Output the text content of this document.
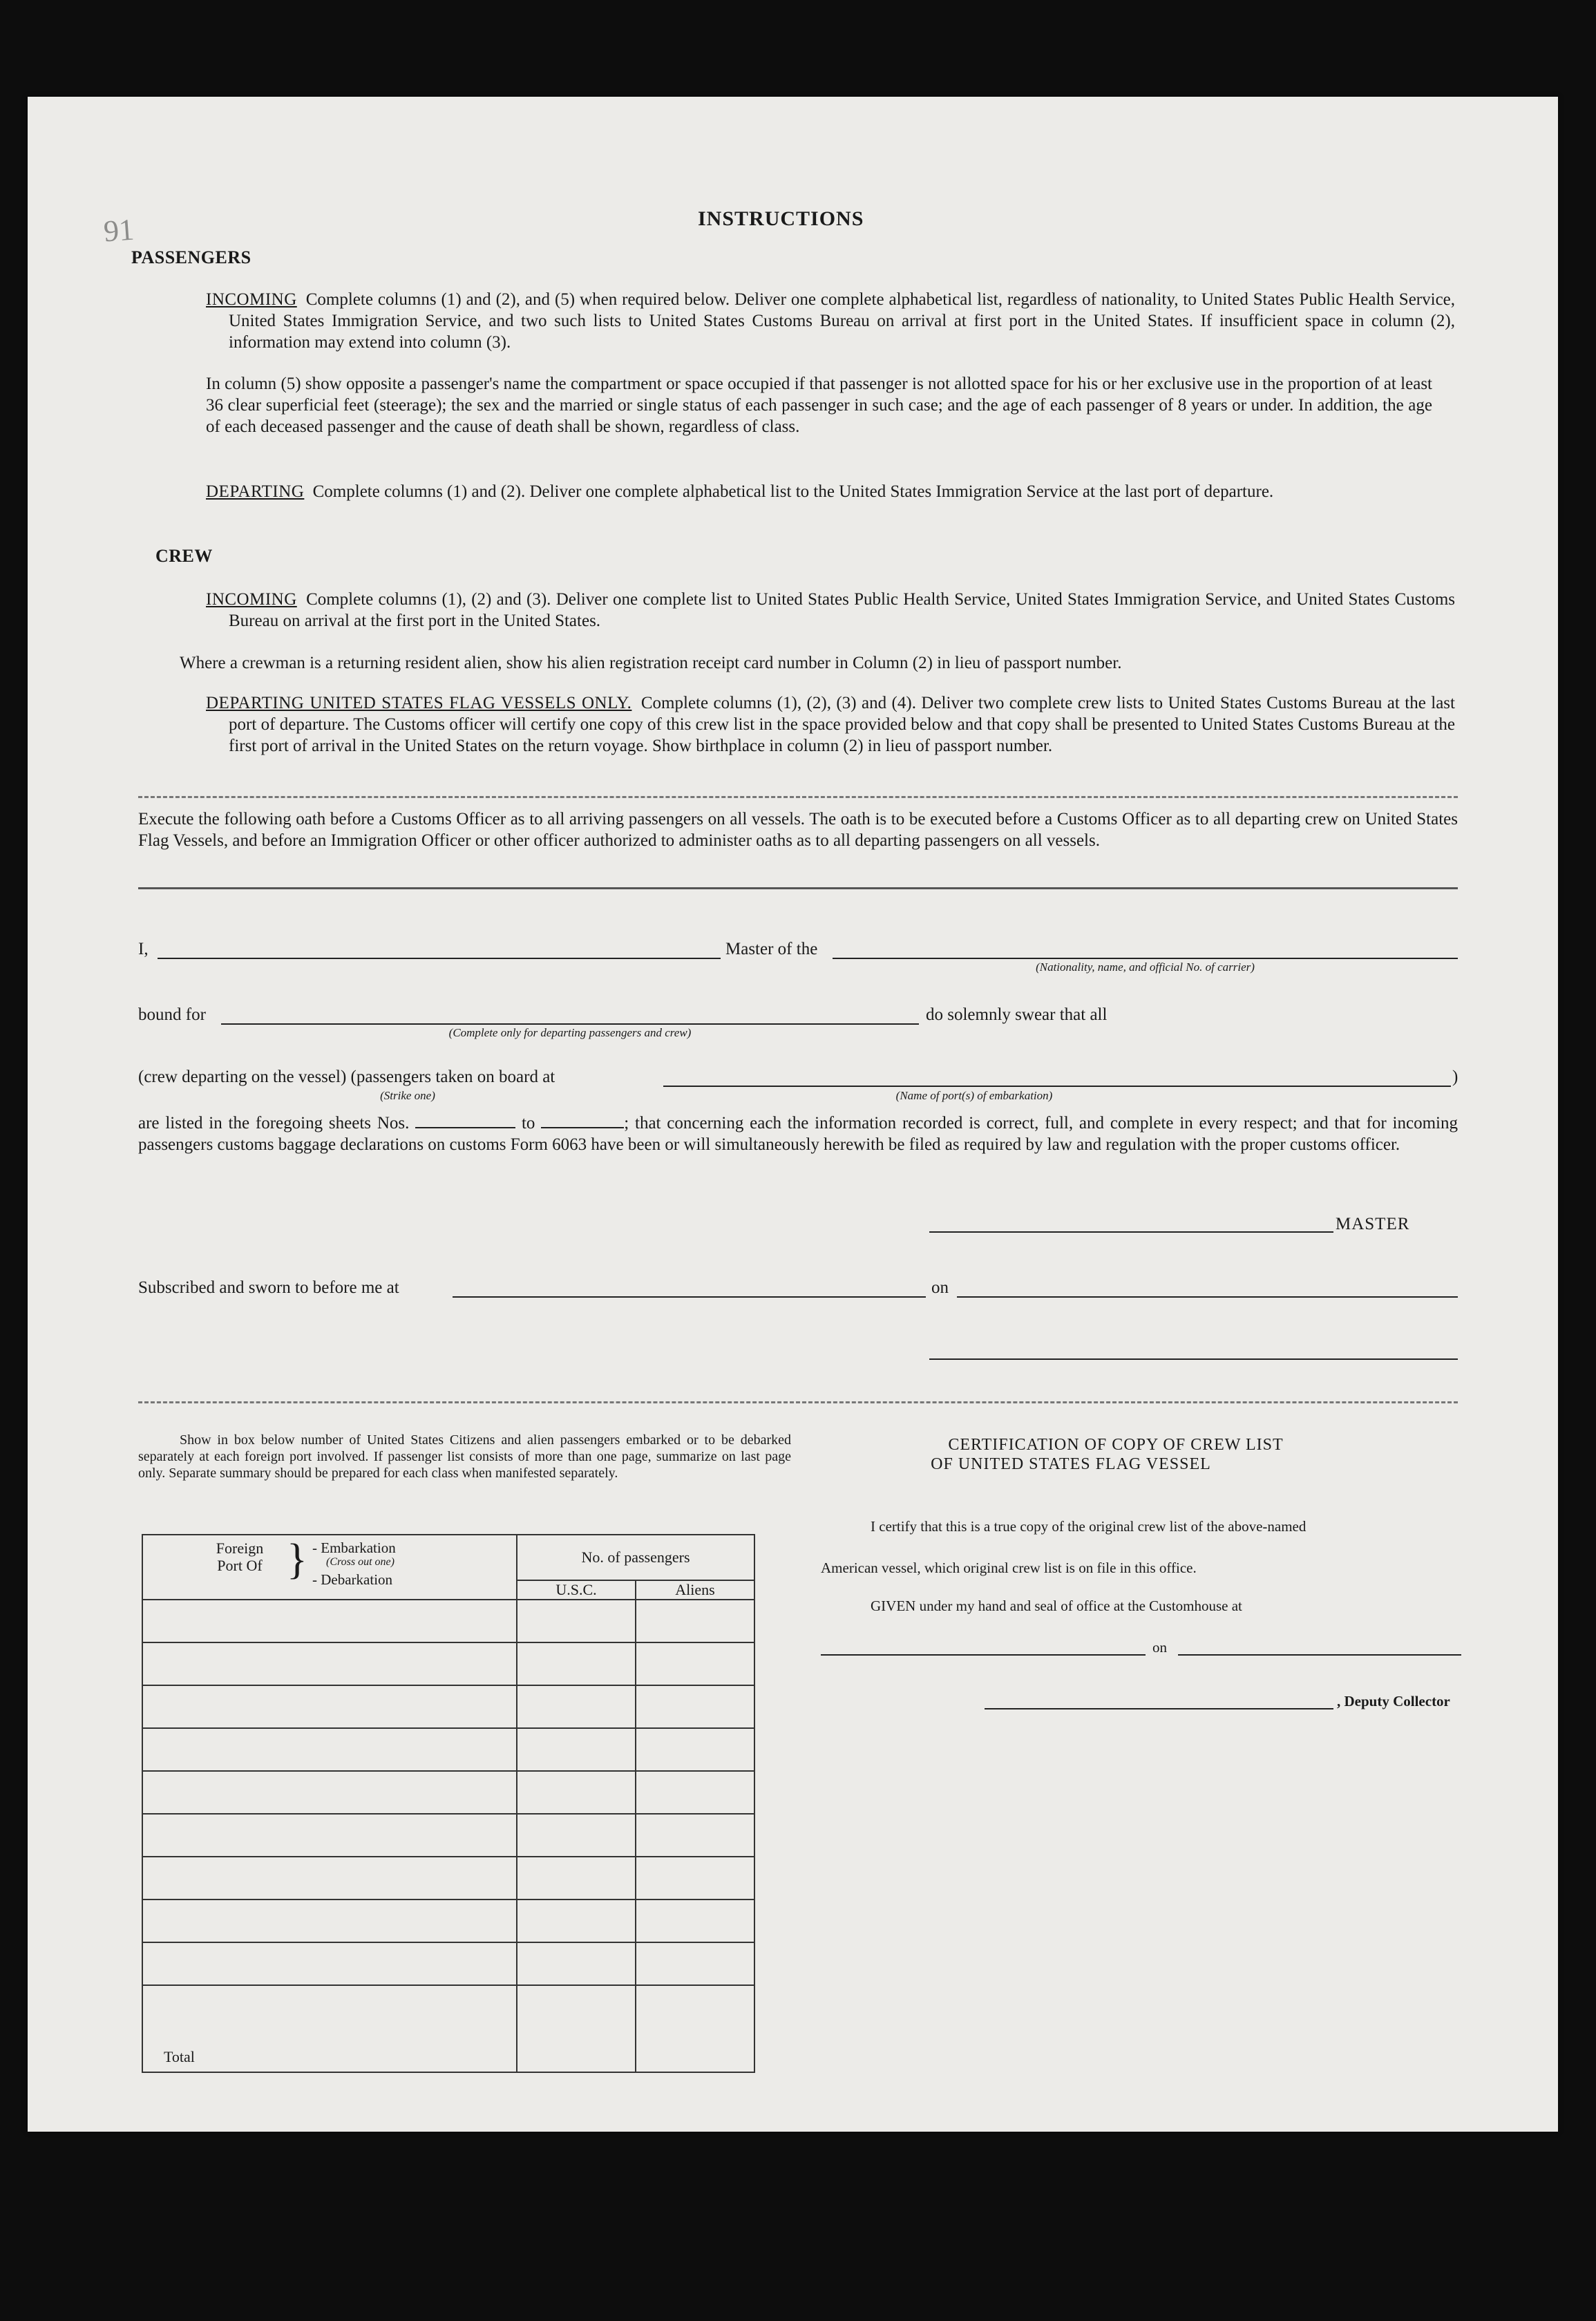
91	INSTRUCTIONS
PASSENGERS
INCOMING Complete columns (1) and (2), and (5) when required below. Deliver one complete alphabetical list, regardless of nationality, to United States Public Health Service, United States Immigration Service, and two such lists to United States Customs Bureau on arrival at first port in the United States. If insufficient space in column (2), information may extend into column (3).
In column (5) show opposite a passenger's name the compartment or space occupied if that passenger is not allotted space for his or her exclusive use in the proportion of at least 36 clear superficial feet (steerage); the sex and the married or single status of each passenger in such case; and the age of each passenger of 8 years or under. In addition, the age of each deceased passenger and the cause of death shall be shown, regardless of class.
DEPARTING Complete columns (1) and (2). Deliver one complete alphabetical list to the United States Immigration Service at the last port of departure.
CREW
INCOMING Complete columns (1), (2) and (3). Deliver one complete list to United States Public Health Service, United States Immigration Service, and United States Customs Bureau on arrival at the first port in the United States.
Where a crewman is a returning resident alien, show his alien registration receipt card number in Column (2) in lieu of passport number.
DEPARTING UNITED STATES FLAG VESSELS ONLY. Complete columns (1), (2), (3) and (4). Deliver two complete crew lists to United States Customs Bureau at the last port of departure. The Customs officer will certify one copy of this crew list in the space provided below and that copy shall be presented to United States Customs Bureau at the first port of arrival in the United States on the return voyage. Show birthplace in column (2) in lieu of passport number.
Execute the following oath before a Customs Officer as to all arriving passengers on all vessels. The oath is to be executed before a Customs Officer as to all departing crew on United States Flag Vessels, and before an Immigration Officer or other officer authorized to administer oaths as to all departing passengers on all vessels.
I,	Master of the
(Nationality, name, and official No. of carrier)
bound for
(Complete only for departing passengers and crew)
do solemnly swear that all
(crew departing on the vessel) (passengers taken on board at
(Strike one)	(Name of port(s) of embarkation)
)
are listed in the foregoing sheets Nos.	to	; that concerning each the information recorded is correct, full, and complete in every respect; and that for incoming passengers customs baggage declarations on customs Form 6063 have been or will simultaneously herewith be filed as required by law and regulation with the proper customs officer.
MASTER
Subscribed and sworn to before me at	on
Show in box below number of United States Citizens and alien passengers embarked or to be debarked separately at each foreign port involved. If passenger list consists of more than one page, summarize on last page only. Separate summary should be prepared for each class when manifested separately.
Foreign Port Of } - Embarkation
(Cross out one)
- Debarkation	No. of passengers	
	U.S.C.	Aliens

Total		
CERTIFICATION OF COPY OF CREW LIST
OF UNITED STATES FLAG VESSEL
I certify that this is a true copy of the original crew list of the above-named
American vessel, which original crew list is on file in this office.
GIVEN under my hand and seal of office at the Customhouse at
on
, Deputy Collector
